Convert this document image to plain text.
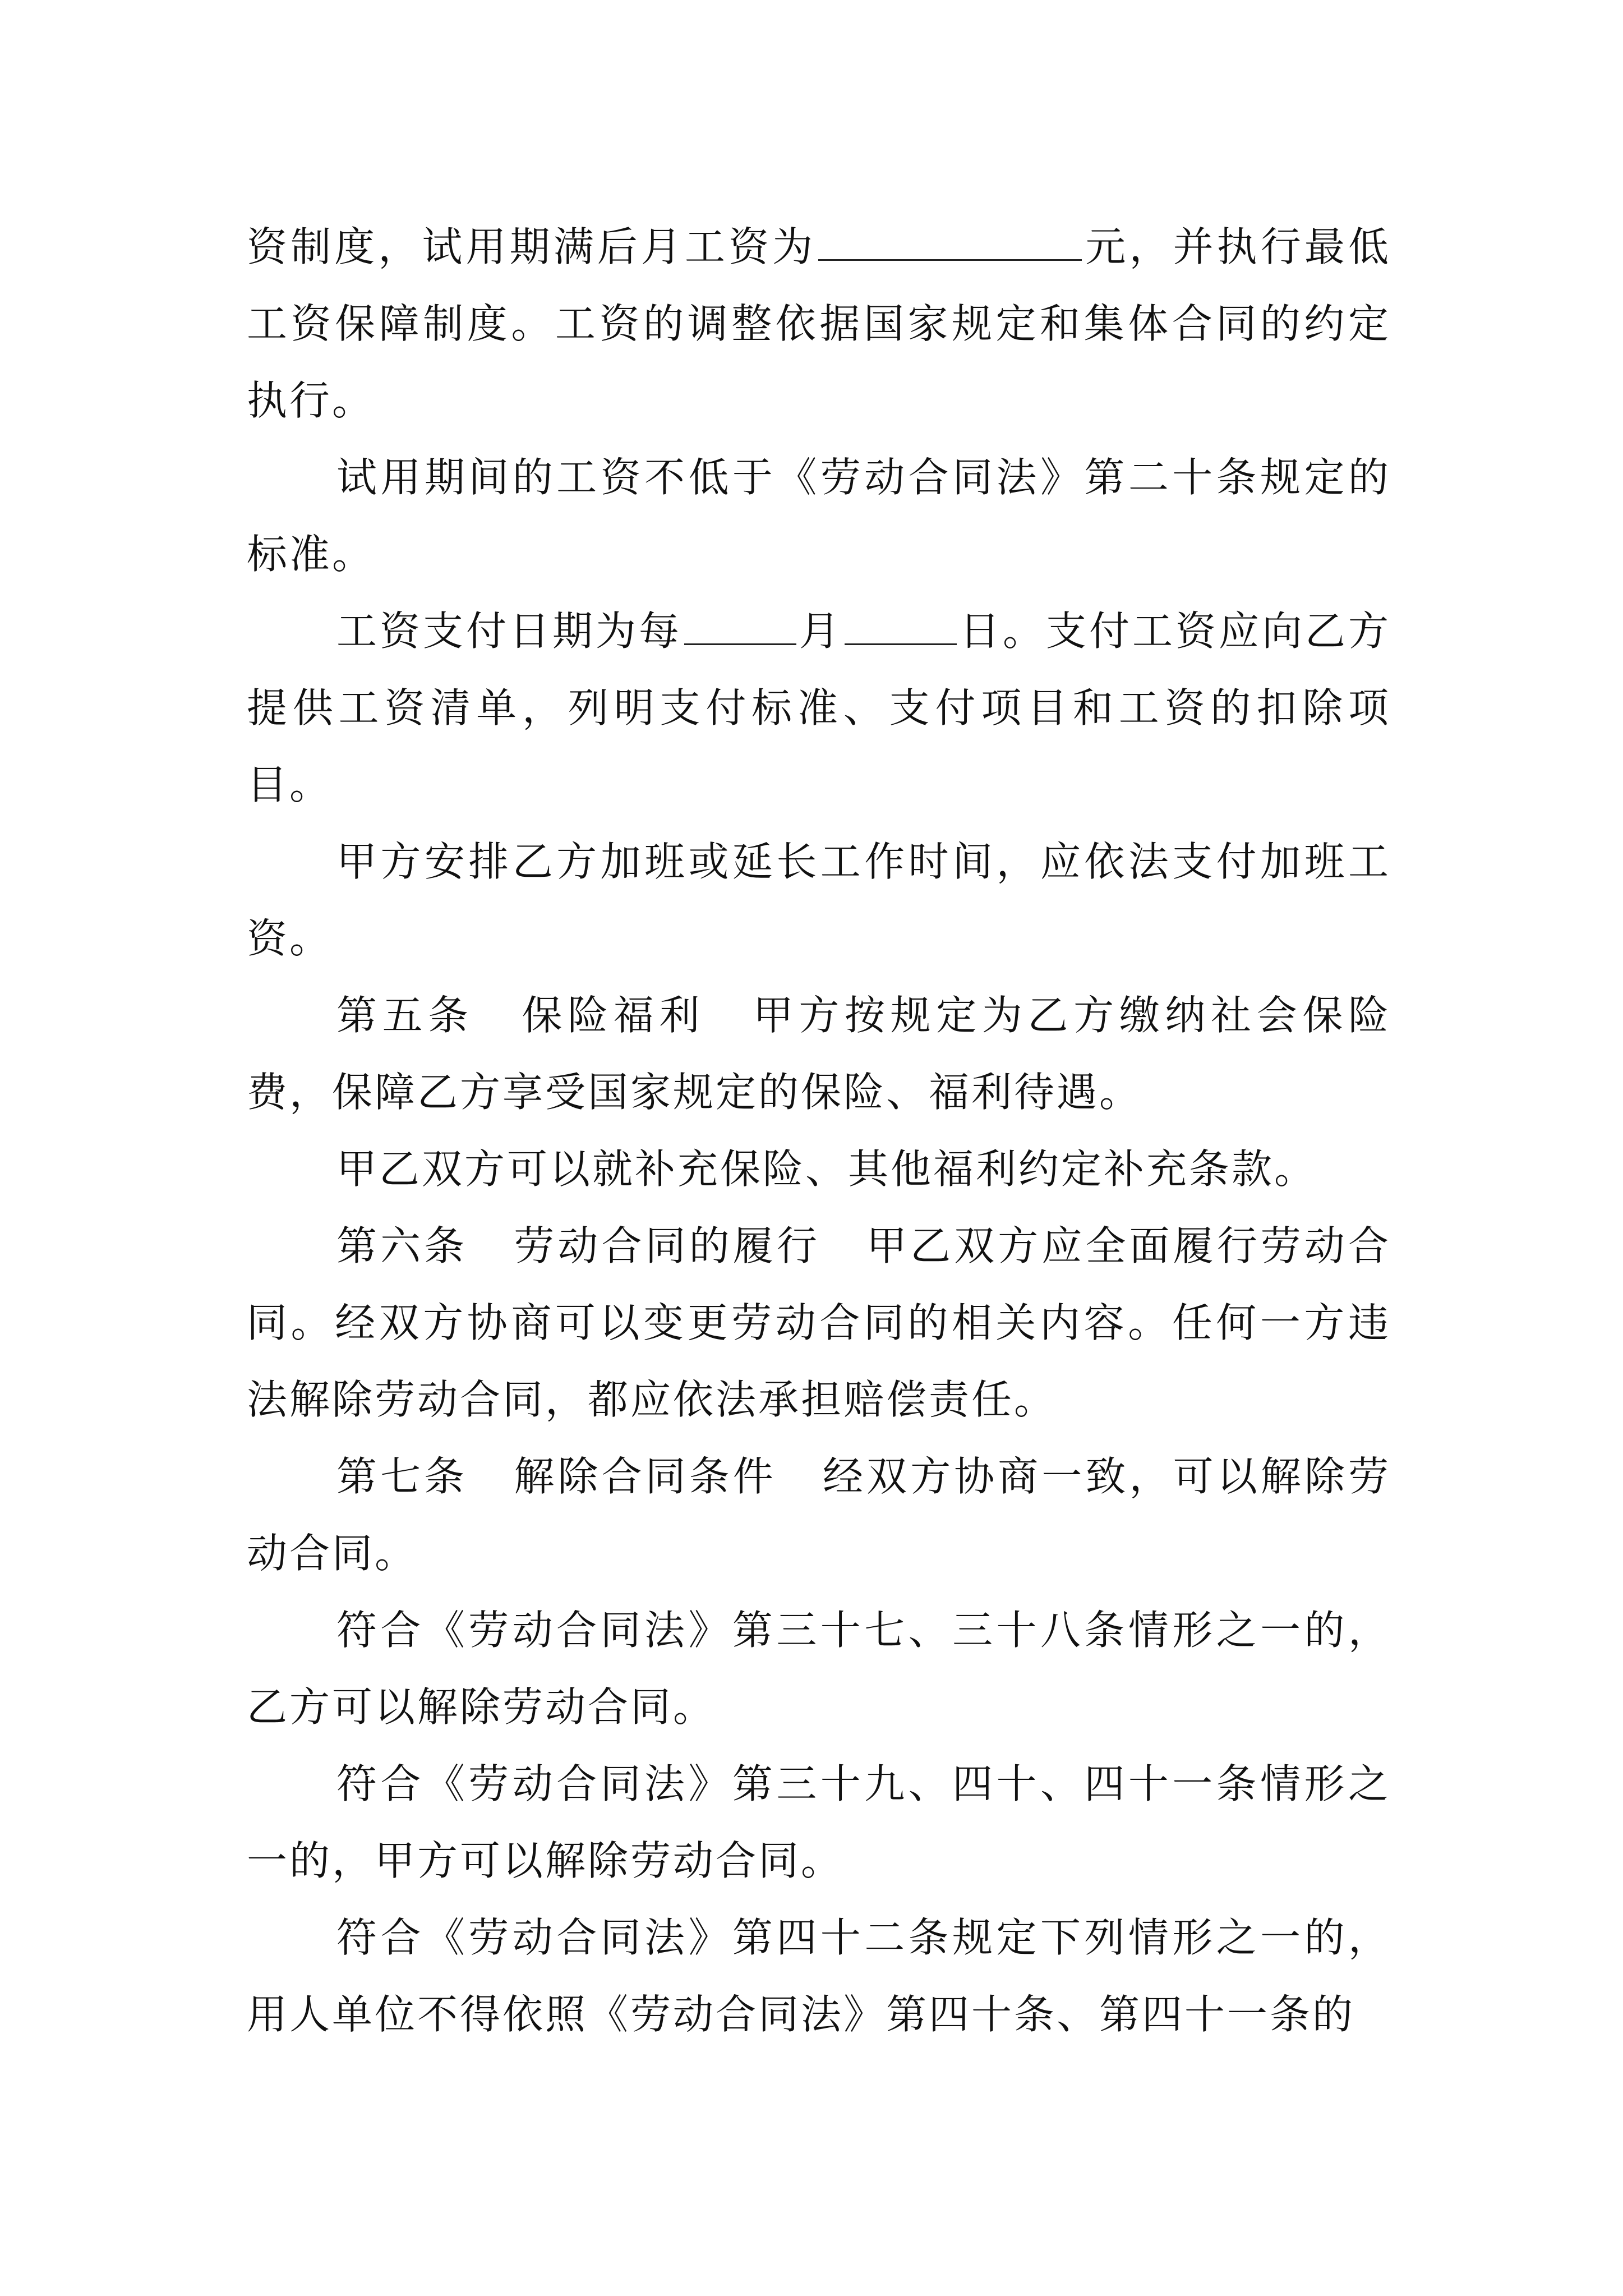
资制度，试用期满后月工资为	元，并执行最低工资保障制度。工资的调整依据国家规定和集体合同的约定执行。

试用期间的工资不低于《劳动合同法》第二十条规定的标准。

工资支付日期为每	月	日。支付工资应向乙方提供工资清单，列明支付标准、支付项目和工资的扣除项目。

甲方安排乙方加班或延长工作时间，应依法支付加班工资。

第五条 保险福利 甲方按规定为乙方缴纳社会保险费，保障乙方享受国家规定的保险、福利待遇。

甲乙双方可以就补充保险、其他福利约定补充条款。

第六条 劳动合同的履行 甲乙双方应全面履行劳动合同。经双方协商可以变更劳动合同的相关内容。任何一方违法解除劳动合同，都应依法承担赔偿责任。

第七条 解除合同条件 经双方协商一致，可以解除劳动合同。

符合《劳动合同法》第三十七、三十八条情形之一的，乙方可以解除劳动合同。

符合《劳动合同法》第三十九、四十、四十一条情形之一的，甲方可以解除劳动合同。

符合《劳动合同法》第四十二条规定下列情形之一的，用人单位不得依照《劳动合同法》第四十条、第四十一条的
